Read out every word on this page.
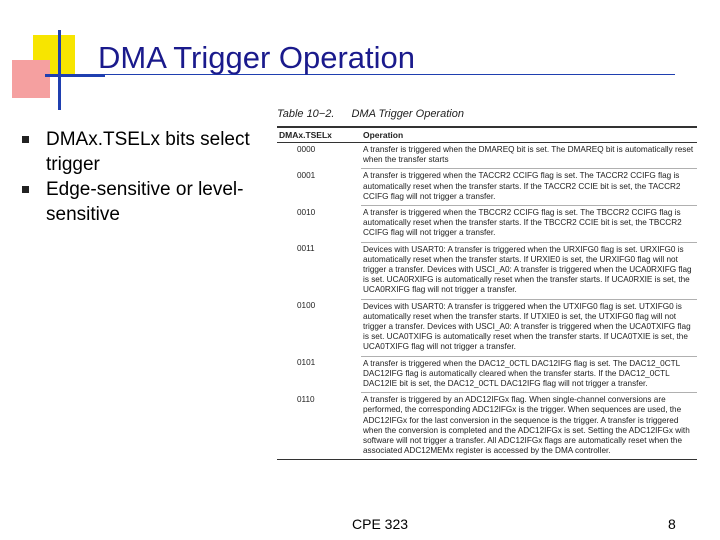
DMA Trigger Operation
DMAx.TSELx bits select trigger
Edge-sensitive or level-sensitive
Table 10−2. DMA Trigger Operation
DMAx.TSELx	Operation
0000	A transfer is triggered when the DMAREQ bit is set. The DMAREQ bit is automatically reset when the transfer starts
0001	A transfer is triggered when the TACCR2 CCIFG flag is set. The TACCR2 CCIFG flag is automatically reset when the transfer starts. If the TACCR2 CCIE bit is set, the TACCR2 CCIFG flag will not trigger a transfer.
0010	A transfer is triggered when the TBCCR2 CCIFG flag is set. The TBCCR2 CCIFG flag is automatically reset when the transfer starts. If the TBCCR2 CCIE bit is set, the TBCCR2 CCIFG flag will not trigger a transfer.
0011	Devices with USART0: A transfer is triggered when the URXIFG0 flag is set. URXIFG0 is automatically reset when the transfer starts. If URXIE0 is set, the URXIFG0 flag will not trigger a transfer. Devices with USCI_A0: A transfer is triggered when the UCA0RXIFG flag is set. UCA0RXIFG is automatically reset when the transfer starts. If UCA0RXIE is set, the UCA0RXIFG flag will not trigger a transfer.
0100	Devices with USART0: A transfer is triggered when the UTXIFG0 flag is set. UTXIFG0 is automatically reset when the transfer starts. If UTXIE0 is set, the UTXIFG0 flag will not trigger a transfer. Devices with USCI_A0: A transfer is triggered when the UCA0TXIFG flag is set. UCA0TXIFG is automatically reset when the transfer starts. If UCA0TXIE is set, the UCA0TXIFG flag will not trigger a transfer.
0101	A transfer is triggered when the DAC12_0CTL DAC12IFG flag is set. The DAC12_0CTL DAC12IFG flag is automatically cleared when the transfer starts. If the DAC12_0CTL DAC12IE bit is set, the DAC12_0CTL DAC12IFG flag will not trigger a transfer.
0110	A transfer is triggered by an ADC12IFGx flag. When single-channel conversions are performed, the corresponding ADC12IFGx is the trigger. When sequences are used, the ADC12IFGx for the last conversion in the sequence is the trigger. A transfer is triggered when the conversion is completed and the ADC12IFGx is set. Setting the ADC12IFGx with software will not trigger a transfer. All ADC12IFGx flags are automatically reset when the associated ADC12MEMx register is accessed by the DMA controller.
CPE 323	8
